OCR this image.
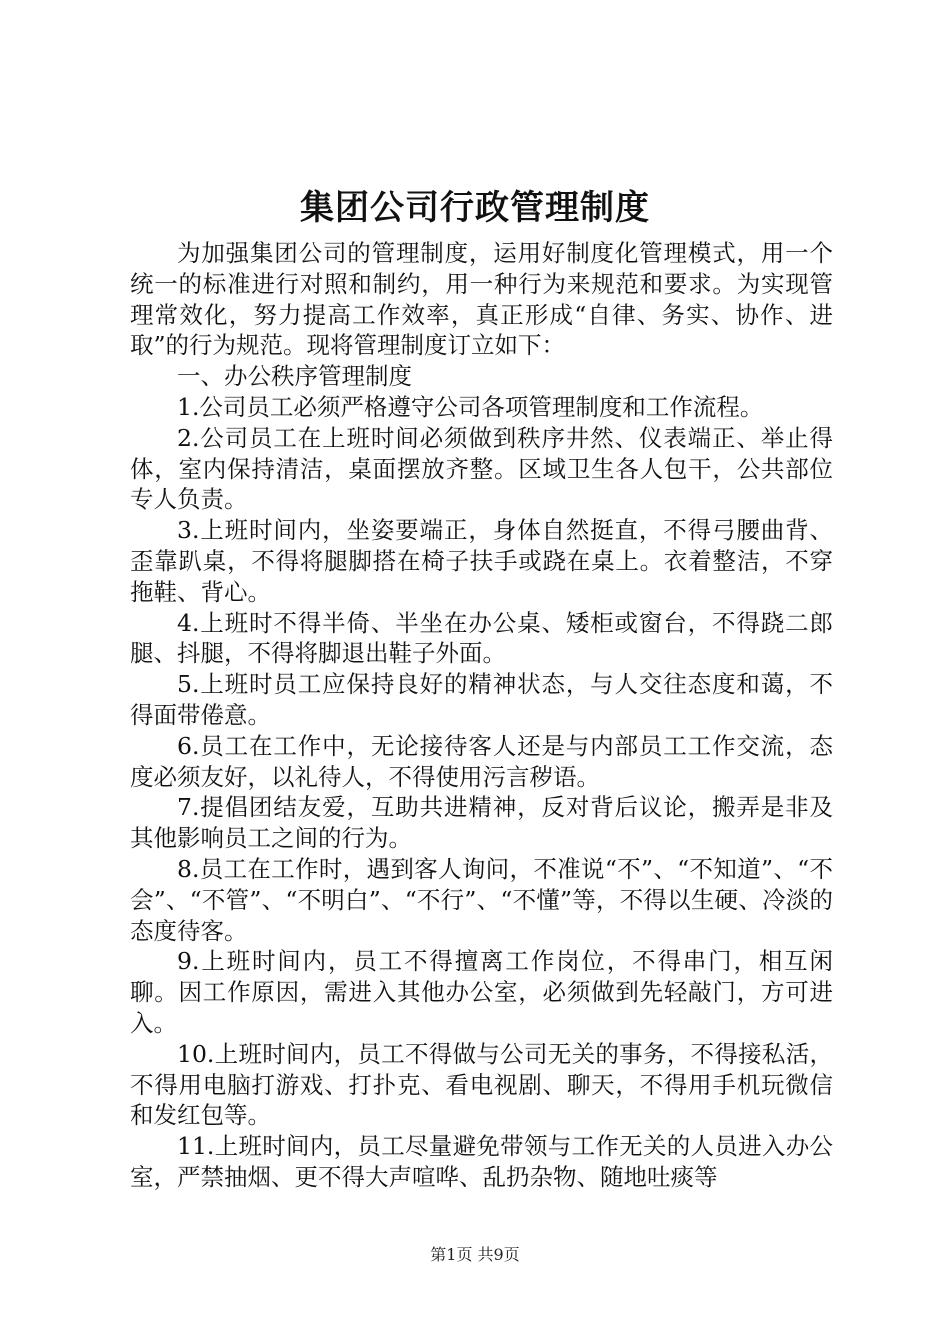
集团公司行政管理制度

为加强集团公司的管理制度，运用好制度化管理模式，用一个统一的标准进行对照和制约，用一种行为来规范和要求。为实现管理常效化，努力提高工作效率，真正形成“自律、务实、协作、进取”的行为规范。现将管理制度订立如下：

一、办公秩序管理制度

1.公司员工必须严格遵守公司各项管理制度和工作流程。

2.公司员工在上班时间必须做到秩序井然、仪表端正、举止得体，室内保持清洁，桌面摆放齐整。区域卫生各人包干，公共部位专人负责。

3.上班时间内，坐姿要端正，身体自然挺直，不得弓腰曲背、歪靠趴桌，不得将腿脚搭在椅子扶手或跷在桌上。衣着整洁，不穿拖鞋、背心。

4.上班时不得半倚、半坐在办公桌、矮柜或窗台，不得跷二郎腿、抖腿，不得将脚退出鞋子外面。

5.上班时员工应保持良好的精神状态，与人交往态度和蔼，不得面带倦意。

6.员工在工作中，无论接待客人还是与内部员工工作交流，态度必须友好，以礼待人，不得使用污言秽语。

7.提倡团结友爱，互助共进精神，反对背后议论，搬弄是非及其他影响员工之间的行为。

8.员工在工作时，遇到客人询问，不准说“不”、“不知道”、“不会”、“不管”、“不明白”、“不行”、“不懂”等，不得以生硬、冷淡的态度待客。

9.上班时间内，员工不得擅离工作岗位，不得串门，相互闲聊。因工作原因，需进入其他办公室，必须做到先轻敲门，方可进入。

10.上班时间内，员工不得做与公司无关的事务，不得接私活，不得用电脑打游戏、打扑克、看电视剧、聊天，不得用手机玩微信和发红包等。

11.上班时间内，员工尽量避免带领与工作无关的人员进入办公室，严禁抽烟、更不得大声喧哗、乱扔杂物、随地吐痰等

第1页 共9页
